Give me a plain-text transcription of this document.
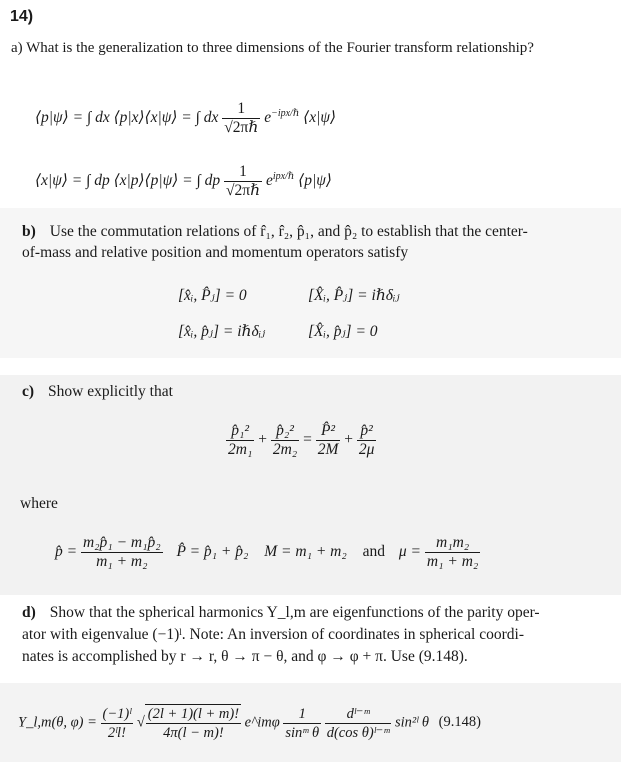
14)
a) What is the generalization to three dimensions of the Fourier transform relationship?
⟨p|ψ⟩ = ∫ dx ⟨p|x⟩⟨x|ψ⟩ = ∫ dx $\frac{1}{\text{√2πℏ}} e^{-ipx/\hbar}$ ⟨x|ψ⟩
⟨x|ψ⟩ = ∫ dp ⟨x|p⟩⟨p|ψ⟩ = ∫ dp $\frac{1}{\text{√2πℏ}} e^{ipx/\hbar}$ ⟨p|ψ⟩
b) Use the commutation relations of r̂₁, r̂₂, p̂₁, and p̂₂ to establish that the center-
of-mass and relative position and momentum operators satisfy
[x̂ᵢ, P̂ⱼ] = 0	[X̂ᵢ, P̂ⱼ] = iℏδᵢⱼ
[x̂ᵢ, p̂ⱼ] = iℏδᵢⱼ	[X̂ᵢ, p̂ⱼ] = 0
c) Show explicitly that
$\frac{\text{p̂₁²}}{\text{2m₁}} + \frac{\text{p̂₂²}}{\text{2m₂}} = \frac{\text{P̂²}}{2M} + \frac{\text{p̂²}}{2\mu}$
where
p̂ = $\frac{\text{m₂p̂₁ − m₁p̂₂}}{\text{m₁ + m₂}}$ P̂ = p̂₁ + p̂₂ M = m₁ + m₂ and $\mu = \frac{\text{m₁m₂}}{\text{m₁ + m₂}}$
d) Show that the spherical harmonics Y_l,m are eigenfunctions of the parity oper-
ator with eigenvalue (−1)ˡ. Note: An inversion of coordinates in spherical coordi-
nates is accomplished by r → r, θ → π − θ, and φ → φ + π. Use (9.148).
Y_l,m(θ, $\varphi) = \frac{\text{(−1)ˡ}}{\text{2ˡl!}}$ √ $\frac{(2l + 1)(l + m)!}{4\pi(l - m)!}$ e^imφ $\frac{1}{\text{sinᵐ θ}}$
$\frac{\text{dˡ⁻ᵐ}}{\text{d(cos θ)ˡ⁻ᵐ}}$ sin²ˡ θ (9.148)
